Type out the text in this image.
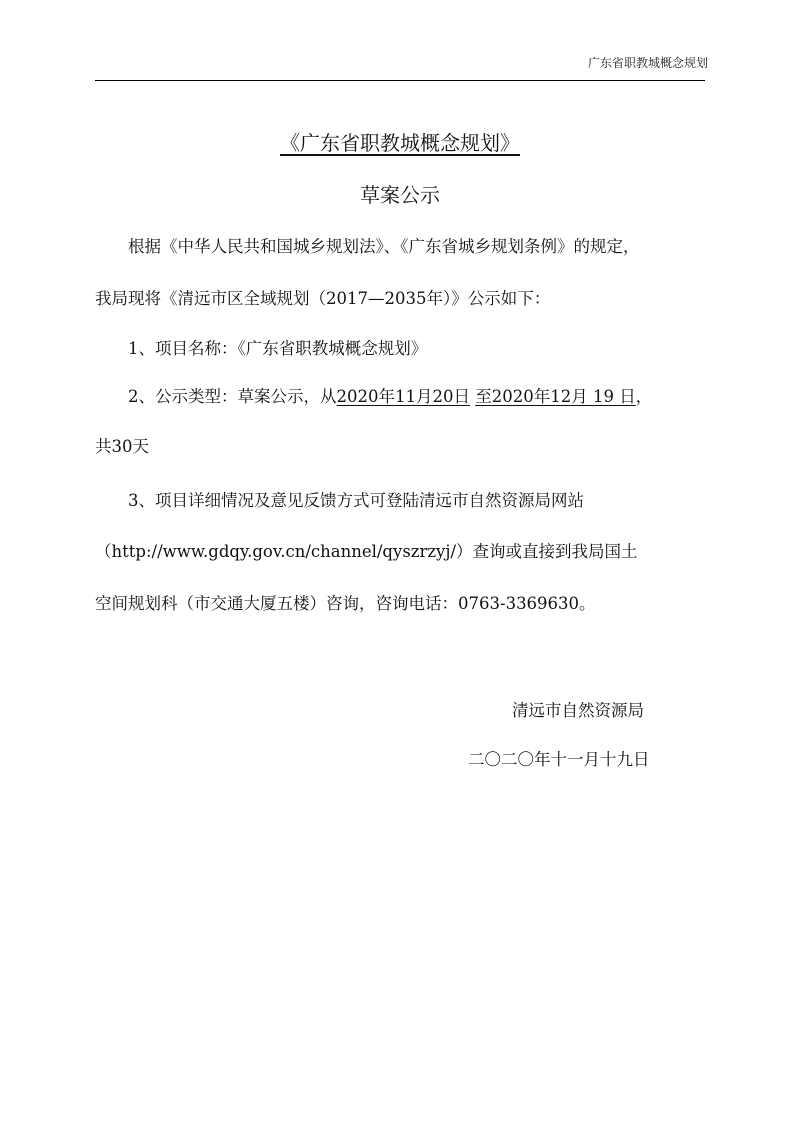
广东省职教城概念规划
《广东省职教城概念规划》
草案公示
根据《中华人民共和国城乡规划法》、《广东省城乡规划条例》的规定，
我局现将《清远市区全域规划（2017—2035年）》公示如下：
1、项目名称：《广东省职教城概念规划》
2、公示类型：草案公示，从2020年11月20日 至2020年12月 19 日，
共30天
3、项目详细情况及意见反馈方式可登陆清远市自然资源局网站
（http://www.gdqy.gov.cn/channel/qyszrzyj/）查询或直接到我局国土
空间规划科（市交通大厦五楼）咨询，咨询电话：0763-3369630。
清远市自然资源局
二〇二〇年十一月十九日
